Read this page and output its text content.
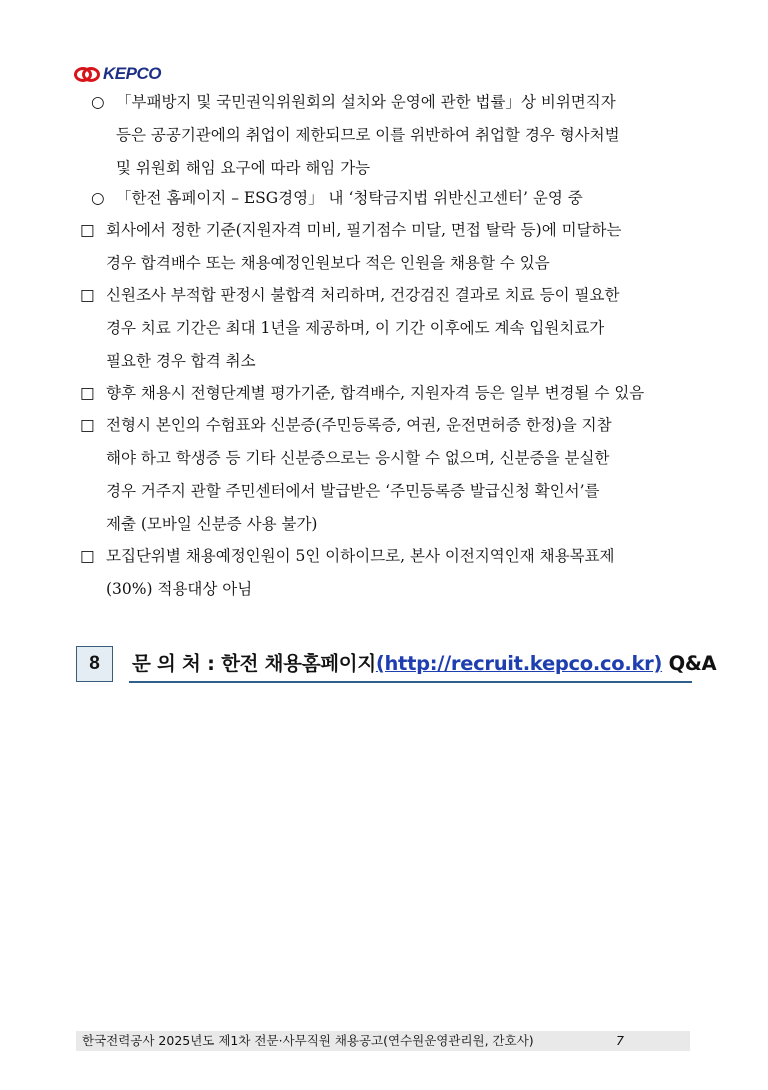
KEPCO
○ 「부패방지 및 국민권익위원회의 설치와 운영에 관한 법률」상 비위면직자
등은 공공기관에의 취업이 제한되므로 이를 위반하여 취업할 경우 형사처벌
및 위원회 해임 요구에 따라 해임 가능
○ 「한전 홈페이지 – ESG경영」 내 ‘청탁금지법 위반신고센터’ 운영 중
□ 회사에서 정한 기준(지원자격 미비, 필기점수 미달, 면접 탈락 등)에 미달하는
경우 합격배수 또는 채용예정인원보다 적은 인원을 채용할 수 있음
□ 신원조사 부적합 판정시 불합격 처리하며, 건강검진 결과로 치료 등이 필요한
경우 치료 기간은 최대 1년을 제공하며, 이 기간 이후에도 계속 입원치료가
필요한 경우 합격 취소
□ 향후 채용시 전형단계별 평가기준, 합격배수, 지원자격 등은 일부 변경될 수 있음
□ 전형시 본인의 수험표와 신분증(주민등록증, 여권, 운전면허증 한정)을 지참
해야 하고 학생증 등 기타 신분증으로는 응시할 수 없으며, 신분증을 분실한
경우 거주지 관할 주민센터에서 발급받은 ‘주민등록증 발급신청 확인서’를
제출 (모바일 신분증 사용 불가)
□ 모집단위별 채용예정인원이 5인 이하이므로, 본사 이전지역인재 채용목표제
(30%) 적용대상 아님
8 문 의 처 : 한전 채용홈페이지(http://recruit.kepco.co.kr) Q&A
한국전력공사 2025년도 제1차 전문·사무직원 채용공고(연수원운영관리원, 간호사)	7
